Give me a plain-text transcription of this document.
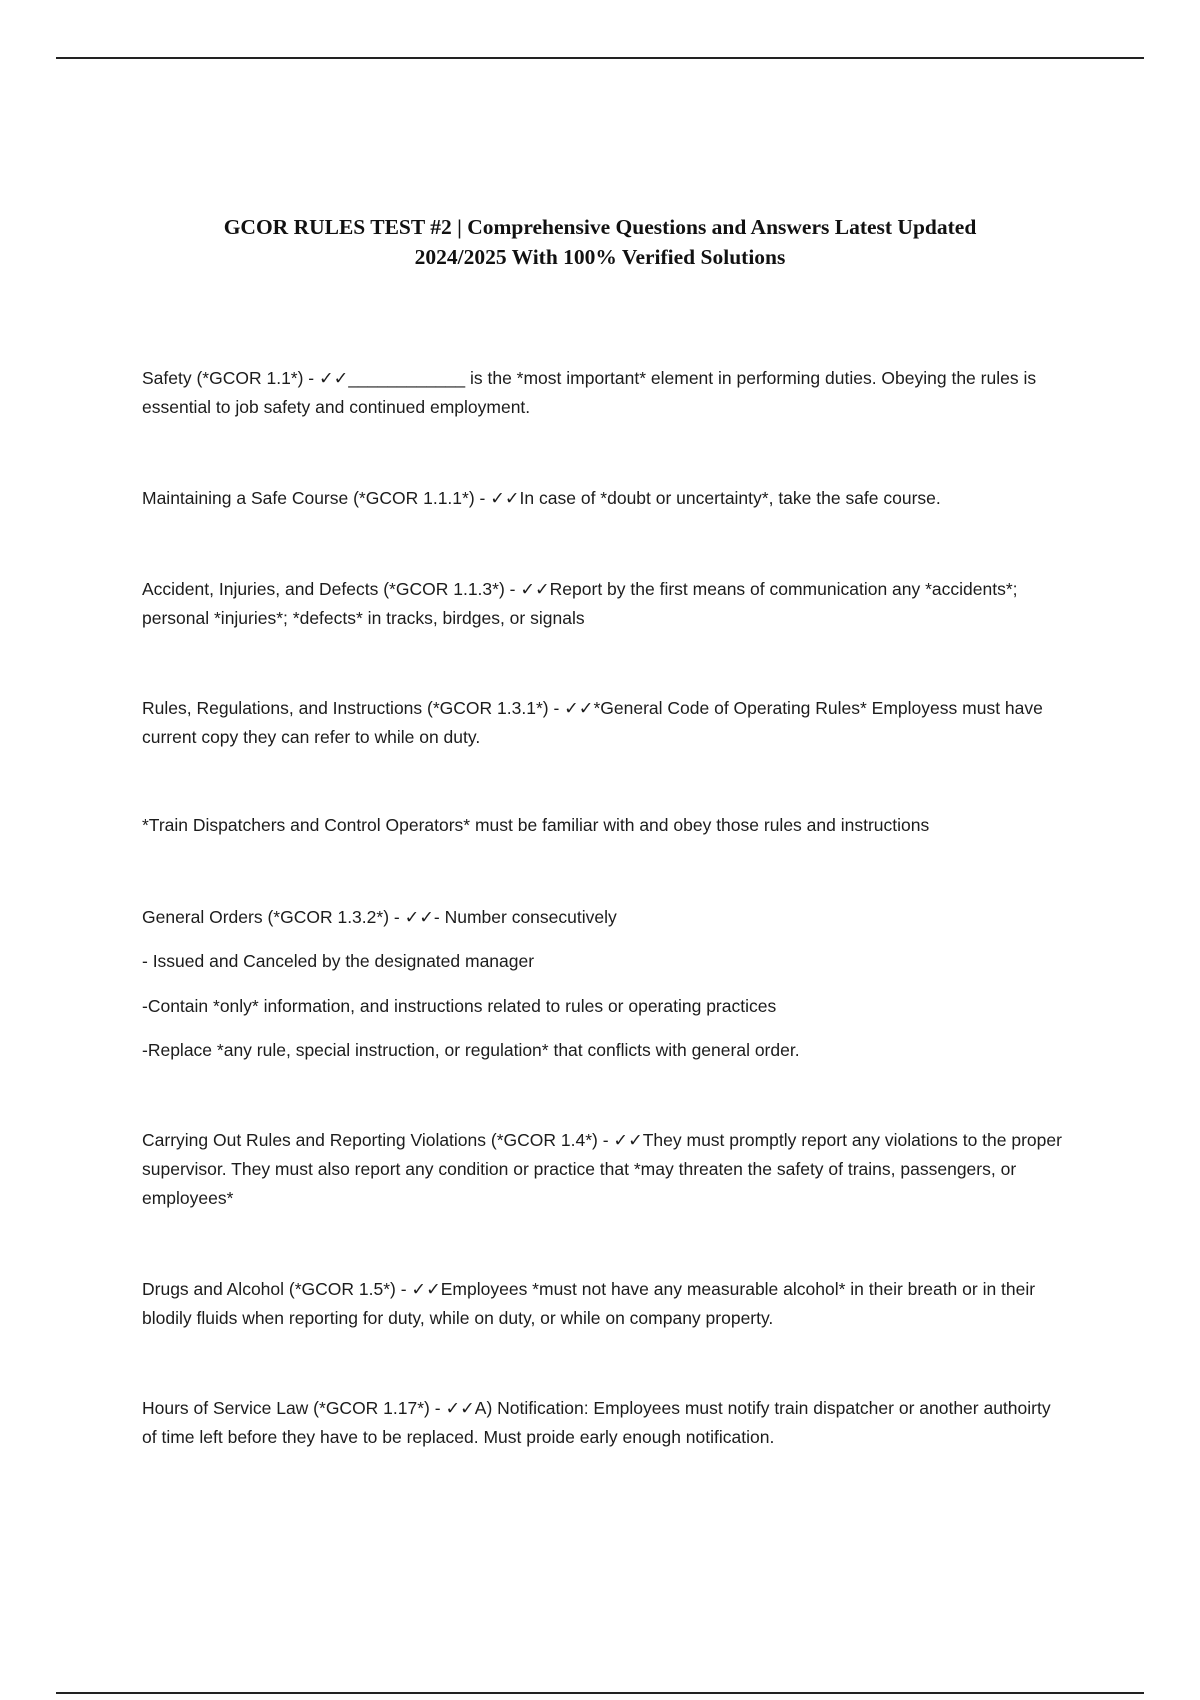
GCOR RULES TEST #2 | Comprehensive Questions and Answers Latest Updated
2024/2025 With 100% Verified Solutions

Safety (*GCOR 1.1*) - ✓✓____________ is the *most important* element in performing duties. Obeying the rules is essential to job safety and continued employment.

Maintaining a Safe Course (*GCOR 1.1.1*) - ✓✓In case of *doubt or uncertainty*, take the safe course.

Accident, Injuries, and Defects (*GCOR 1.1.3*) - ✓✓Report by the first means of communication any *accidents*; personal *injuries*; *defects* in tracks, birdges, or signals

Rules, Regulations, and Instructions (*GCOR 1.3.1*) - ✓✓*General Code of Operating Rules* Employess must have current copy they can refer to while on duty.

*Train Dispatchers and Control Operators* must be familiar with and obey those rules and instructions

General Orders (*GCOR 1.3.2*) - ✓✓- Number consecutively

- Issued and Canceled by the designated manager

-Contain *only* information, and instructions related to rules or operating practices

-Replace *any rule, special instruction, or regulation* that conflicts with general order.

Carrying Out Rules and Reporting Violations (*GCOR 1.4*) - ✓✓They must promptly report any violations to the proper supervisor. They must also report any condition or practice that *may threaten the safety of trains, passengers, or employees*

Drugs and Alcohol (*GCOR 1.5*) - ✓✓Employees *must not have any measurable alcohol* in their breath or in their blodily fluids when reporting for duty, while on duty, or while on company property.

Hours of Service Law (*GCOR 1.17*) - ✓✓A) Notification: Employees must notify train dispatcher or another authoirty of time left before they have to be replaced. Must proide early enough notification.
